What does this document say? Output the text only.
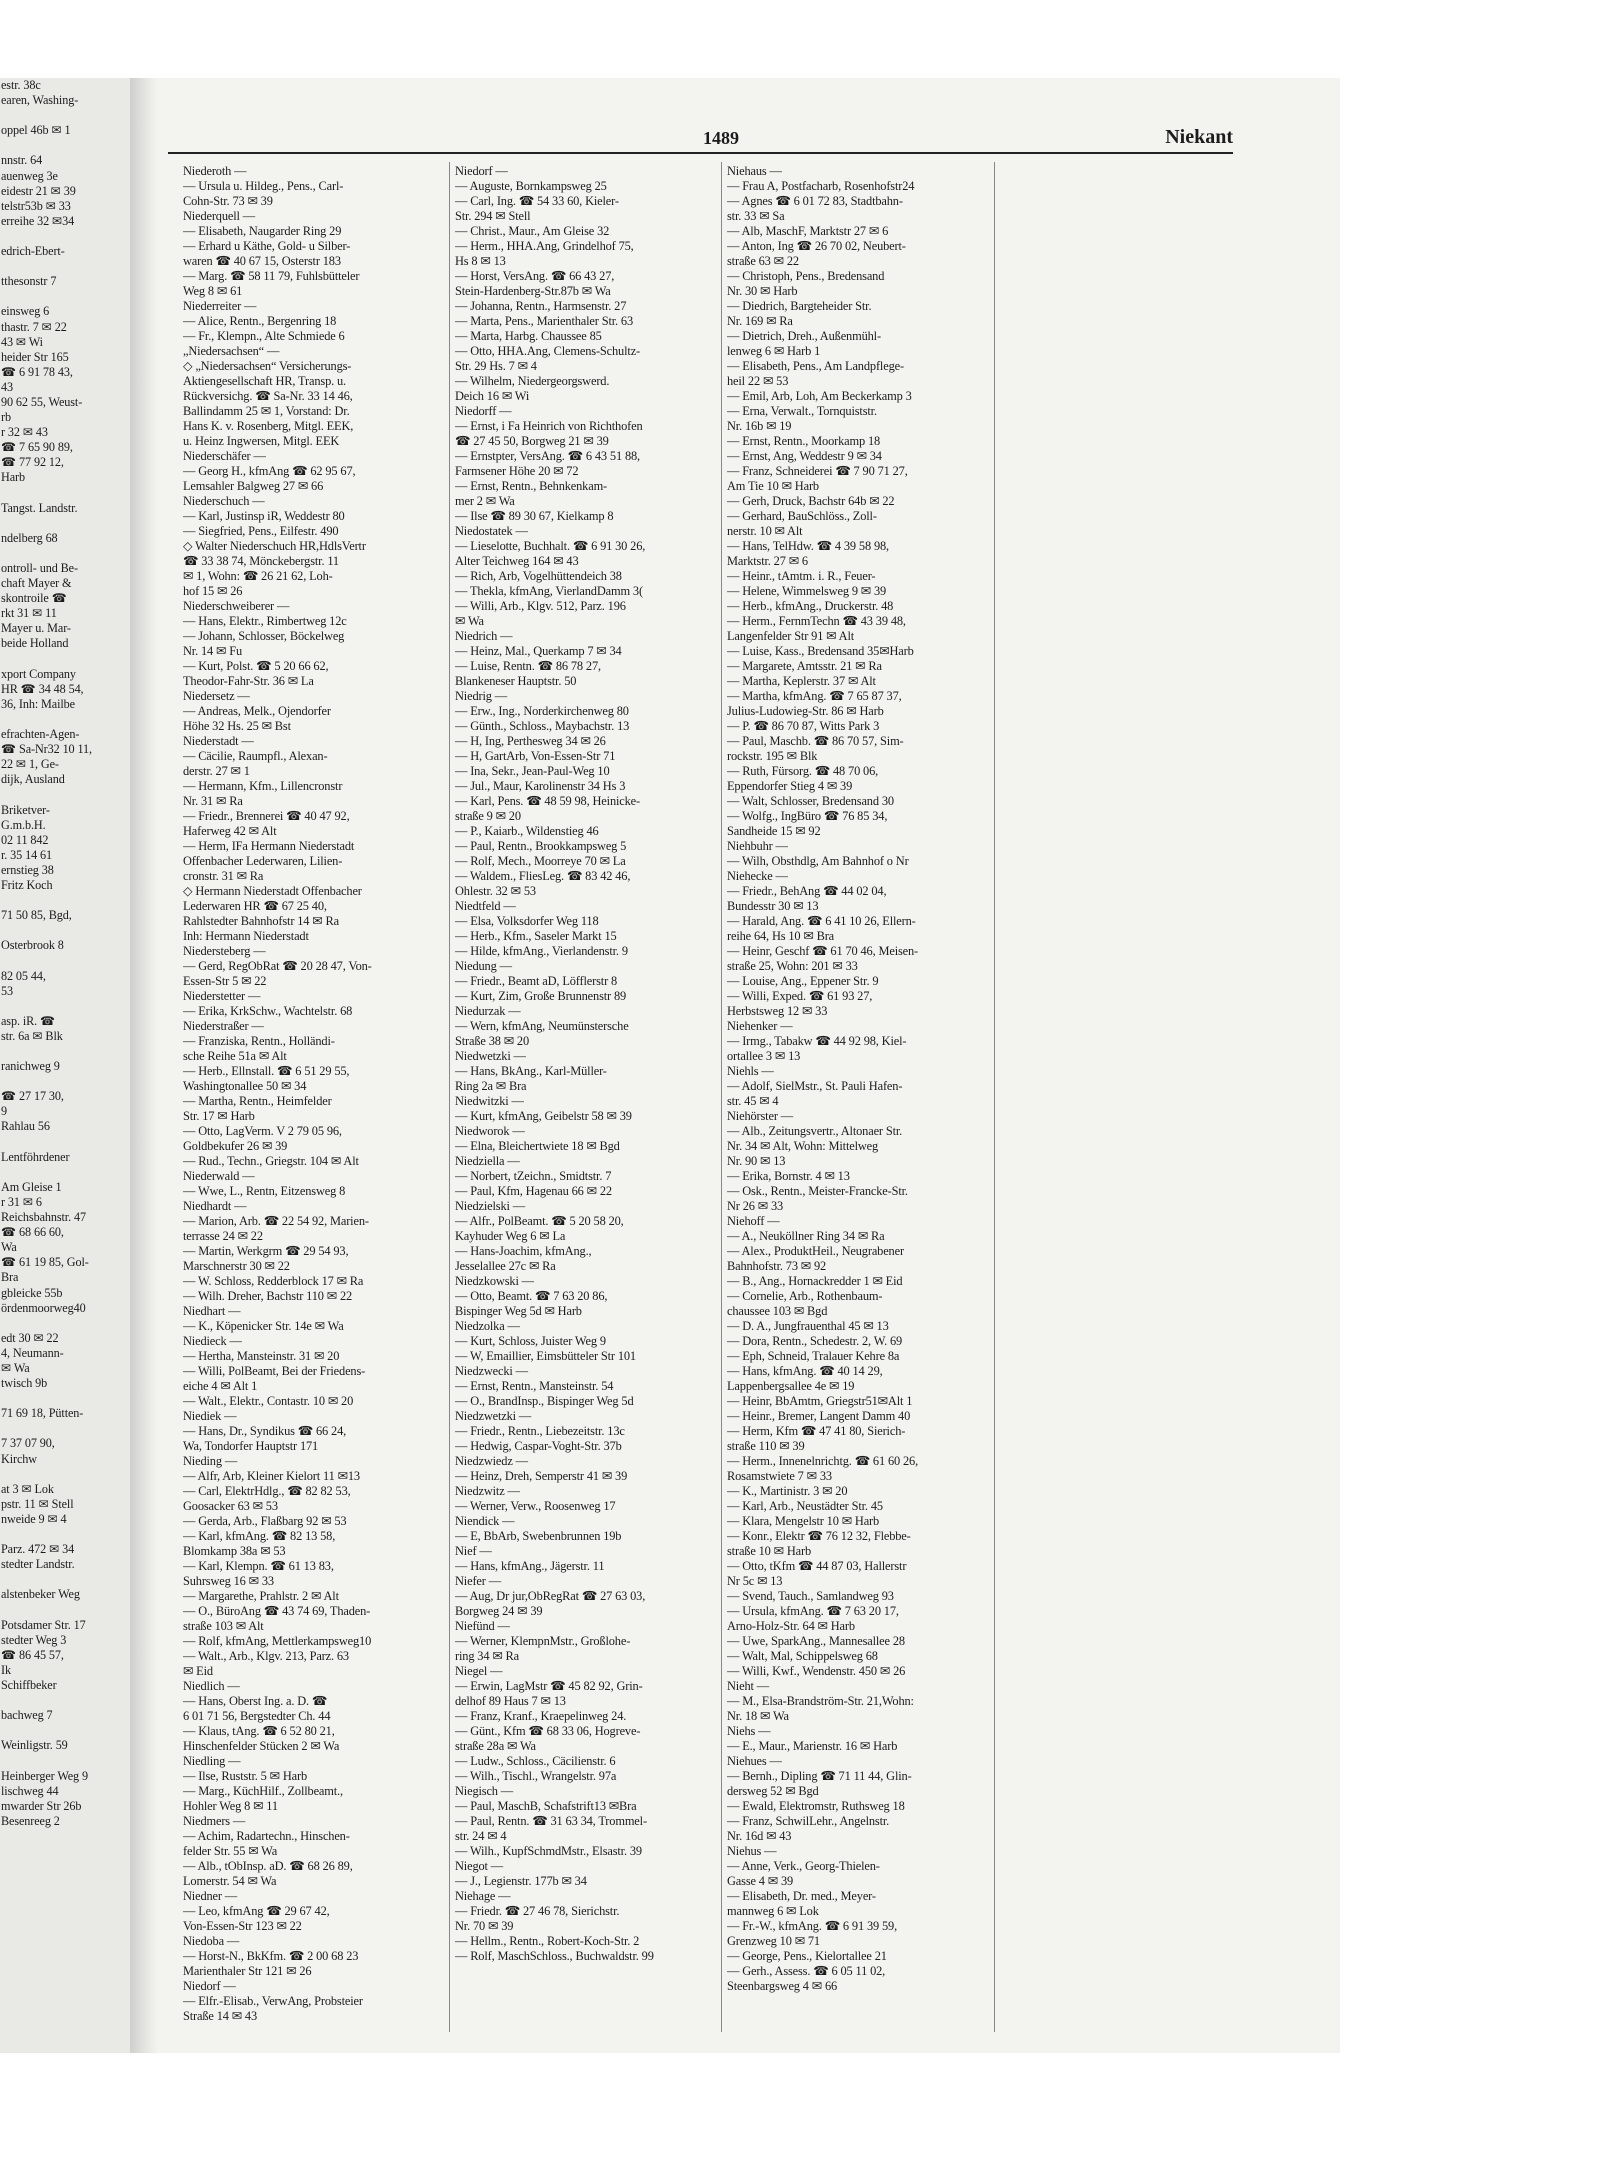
estr. 38c
earen, Washing-

oppel 46b ✉ 1

nnstr. 64
auenweg 3e
eidestr 21 ✉ 39
telstr53b ✉ 33
erreihe 32 ✉34

edrich-Ebert-

tthesonstr 7

einsweg 6
thastr. 7 ✉ 22
43 ✉ Wi
heider Str 165
☎ 6 91 78 43,
43
90 62 55, Weust-
rb
r 32 ✉ 43
☎ 7 65 90 89,
☎ 77 92 12,
Harb

Tangst. Landstr.

ndelberg 68

ontroll- und Be-
chaft Mayer &
skontroile ☎
rkt 31 ✉ 11
Mayer u. Mar-
beide Holland

xport Company
HR ☎ 34 48 54,
36, Inh: Mailbe

efrachten-Agen-
☎ Sa-Nr32 10 11,
22 ✉ 1, Ge-
dijk, Ausland

Briketver-
G.m.b.H.
02 11 842
r. 35 14 61
ernstieg 38
Fritz Koch

71 50 85, Bgd,

Osterbrook 8

82 05 44,
53

asp. iR. ☎
str. 6a ✉ Blk

ranichweg 9

☎ 27 17 30,
9
Rahlau 56

Lentföhrdener

Am Gleise 1
r 31 ✉ 6
Reichsbahnstr. 47
☎ 68 66 60,
Wa
☎ 61 19 85, Gol-
Bra
gbleicke 55b
ördenmoorweg40

edt 30 ✉ 22
4, Neumann-
✉ Wa
twisch 9b

71 69 18, Pütten-

7 37 07 90,
Kirchw

at 3 ✉ Lok
pstr. 11 ✉ Stell
nweide 9 ✉ 4

Parz. 472 ✉ 34
stedter Landstr.

alstenbeker Weg

Potsdamer Str. 17
stedter Weg 3
☎ 86 45 57,
Ik
Schiffbeker

bachweg 7

Weinligstr. 59

Heinberger Weg 9
lischweg 44
mwarder Str 26b
Besenreeg 2
1489	Niekant

Niederoth —

— Ursula u. Hildeg., Pens., Carl-

Cohn-Str. 73 ✉ 39

Niederquell —

— Elisabeth, Naugarder Ring 29

— Erhard u Käthe, Gold- u Silber-

waren ☎ 40 67 15, Osterstr 183

— Marg. ☎ 58 11 79, Fuhlsbütteler

Weg 8 ✉ 61

Niederreiter —

— Alice, Rentn., Bergenring 18

— Fr., Klempn., Alte Schmiede 6

„Niedersachsen“ —

◇ „Niedersachsen“ Versicherungs-

Aktiengesellschaft HR, Transp. u.

Rückversichg. ☎ Sa-Nr. 33 14 46,

Ballindamm 25 ✉ 1, Vorstand: Dr.

Hans K. v. Rosenberg, Mitgl. EEK,

u. Heinz Ingwersen, Mitgl. EEK

Niederschäfer —

— Georg H., kfmAng ☎ 62 95 67,

Lemsahler Balgweg 27 ✉ 66

Niederschuch —

— Karl, Justinsp iR, Weddestr 80

— Siegfried, Pens., Eilfestr. 490

◇ Walter Niederschuch HR,HdlsVertr

☎ 33 38 74, Mönckebergstr. 11

✉ 1, Wohn: ☎ 26 21 62, Loh-

hof 15 ✉ 26

Niederschweiberer —

— Hans, Elektr., Rimbertweg 12c

— Johann, Schlosser, Böckelweg

Nr. 14 ✉ Fu

— Kurt, Polst. ☎ 5 20 66 62,

Theodor-Fahr-Str. 36 ✉ La

Niedersetz —

— Andreas, Melk., Ojendorfer

Höhe 32 Hs. 25 ✉ Bst

Niederstadt —

— Cäcilie, Raumpfl., Alexan-

derstr. 27 ✉ 1

— Hermann, Kfm., Lillencronstr

Nr. 31 ✉ Ra

— Friedr., Brennerei ☎ 40 47 92,

Haferweg 42 ✉ Alt

— Herm, IFa Hermann Niederstadt

Offenbacher Lederwaren, Lilien-

cronstr. 31 ✉ Ra

◇ Hermann Niederstadt Offenbacher

Lederwaren HR ☎ 67 25 40,

Rahlstedter Bahnhofstr 14 ✉ Ra

Inh: Hermann Niederstadt

Niedersteberg —

— Gerd, RegObRat ☎ 20 28 47, Von-

Essen-Str 5 ✉ 22

Niederstetter —

— Erika, KrkSchw., Wachtelstr. 68

Niederstraßer —

— Franziska, Rentn., Holländi-

sche Reihe 51a ✉ Alt

— Herb., Ellnstall. ☎ 6 51 29 55,

Washingtonallee 50 ✉ 34

— Martha, Rentn., Heimfelder

Str. 17 ✉ Harb

— Otto, LagVerm. V 2 79 05 96,

Goldbekufer 26 ✉ 39

— Rud., Techn., Griegstr. 104 ✉ Alt

Niederwald —

— Wwe, L., Rentn, Eitzensweg 8

Niedhardt —

— Marion, Arb. ☎ 22 54 92, Marien-

terrasse 24 ✉ 22

— Martin, Werkgrm ☎ 29 54 93,

Marschnerstr 30 ✉ 22

— W. Schloss, Redderblock 17 ✉ Ra

— Wilh. Dreher, Bachstr 110 ✉ 22

Niedhart —

— K., Köpenicker Str. 14e ✉ Wa

Niedieck —

— Hertha, Mansteinstr. 31 ✉ 20

— Willi, PolBeamt, Bei der Friedens-

eiche 4 ✉ Alt 1

— Walt., Elektr., Contastr. 10 ✉ 20

Niediek —

— Hans, Dr., Syndikus ☎ 66 24,

Wa, Tondorfer Hauptstr 171

Nieding —

— Alfr, Arb, Kleiner Kielort 11 ✉13

— Carl, ElektrHdlg., ☎ 82 82 53,

Goosacker 63 ✉ 53

— Gerda, Arb., Flaßbarg 92 ✉ 53

— Karl, kfmAng. ☎ 82 13 58,

Blomkamp 38a ✉ 53

— Karl, Klempn. ☎ 61 13 83,

Suhrsweg 16 ✉ 33

— Margarethe, Prahlstr. 2 ✉ Alt

— O., BüroAng ☎ 43 74 69, Thaden-

straße 103 ✉ Alt

— Rolf, kfmAng, Mettlerkampsweg10

— Walt., Arb., Klgv. 213, Parz. 63

✉ Eid

Niedlich —

— Hans, Oberst Ing. a. D. ☎

6 01 71 56, Bergstedter Ch. 44

— Klaus, tAng. ☎ 6 52 80 21,

Hinschenfelder Stücken 2 ✉ Wa

Niedling —

— Ilse, Ruststr. 5 ✉ Harb

— Marg., KüchHilf., Zollbeamt.,

Hohler Weg 8 ✉ 11

Niedmers —

— Achim, Radartechn., Hinschen-

felder Str. 55 ✉ Wa

— Alb., tObInsp. aD. ☎ 68 26 89,

Lomerstr. 54 ✉ Wa

Niedner —

— Leo, kfmAng ☎ 29 67 42,

Von-Essen-Str 123 ✉ 22

Niedoba —

— Horst-N., BkKfm. ☎ 2 00 68 23

Marienthaler Str 121 ✉ 26

Niedorf —

— Elfr.-Elisab., VerwAng, Probsteier

Straße 14 ✉ 43

Niedorf —

— Auguste, Bornkampsweg 25

— Carl, Ing. ☎ 54 33 60, Kieler-

Str. 294 ✉ Stell

— Christ., Maur., Am Gleise 32

— Herm., HHA.Ang, Grindelhof 75,

Hs 8 ✉ 13

— Horst, VersAng. ☎ 66 43 27,

Stein-Hardenberg-Str.87b ✉ Wa

— Johanna, Rentn., Harmsenstr. 27

— Marta, Pens., Marienthaler Str. 63

— Marta, Harbg. Chaussee 85

— Otto, HHA.Ang, Clemens-Schultz-

Str. 29 Hs. 7 ✉ 4

— Wilhelm, Niedergeorgswerd.

Deich 16 ✉ Wi

Niedorff —

— Ernst, i Fa Heinrich von Richthofen

☎ 27 45 50, Borgweg 21 ✉ 39

— Ernstpter, VersAng. ☎ 6 43 51 88,

Farmsener Höhe 20 ✉ 72

— Ernst, Rentn., Behnkenkam-

mer 2 ✉ Wa

— Ilse ☎ 89 30 67, Kielkamp 8

Niedostatek —

— Lieselotte, Buchhalt. ☎ 6 91 30 26,

Alter Teichweg 164 ✉ 43

— Rich, Arb, Vogelhüttendeich 38

— Thekla, kfmAng, VierlandDamm 3(

— Willi, Arb., Klgv. 512, Parz. 196

✉ Wa

Niedrich —

— Heinz, Mal., Querkamp 7 ✉ 34

— Luise, Rentn. ☎ 86 78 27,

Blankeneser Hauptstr. 50

Niedrig —

— Erw., Ing., Norderkirchenweg 80

— Günth., Schloss., Maybachstr. 13

— H, Ing, Perthesweg 34 ✉ 26

— H, GartArb, Von-Essen-Str 71

— Ina, Sekr., Jean-Paul-Weg 10

— Jul., Maur, Karolinenstr 34 Hs 3

— Karl, Pens. ☎ 48 59 98, Heinicke-

straße 9 ✉ 20

— P., Kaiarb., Wildenstieg 46

— Paul, Rentn., Brookkampsweg 5

— Rolf, Mech., Moorreye 70 ✉ La

— Waldem., FliesLeg. ☎ 83 42 46,

Ohlestr. 32 ✉ 53

Niedtfeld —

— Elsa, Volksdorfer Weg 118

— Herb., Kfm., Saseler Markt 15

— Hilde, kfmAng., Vierlandenstr. 9

Niedung —

— Friedr., Beamt aD, Löfflerstr 8

— Kurt, Zim, Große Brunnenstr 89

Niedurzak —

— Wern, kfmAng, Neumünstersche

Straße 38 ✉ 20

Niedwetzki —

— Hans, BkAng., Karl-Müller-

Ring 2a ✉ Bra

Niedwitzki —

— Kurt, kfmAng, Geibelstr 58 ✉ 39

Niedworok —

— Elna, Bleichertwiete 18 ✉ Bgd

Niedziella —

— Norbert, tZeichn., Smidtstr. 7

— Paul, Kfm, Hagenau 66 ✉ 22

Niedzielski —

— Alfr., PolBeamt. ☎ 5 20 58 20,

Kayhuder Weg 6 ✉ La

— Hans-Joachim, kfmAng.,

Jesselallee 27c ✉ Ra

Niedzkowski —

— Otto, Beamt. ☎ 7 63 20 86,

Bispinger Weg 5d ✉ Harb

Niedzolka —

— Kurt, Schloss, Juister Weg 9

— W, Emaillier, Eimsbütteler Str 101

Niedzwecki —

— Ernst, Rentn., Mansteinstr. 54

— O., BrandInsp., Bispinger Weg 5d

Niedzwetzki —

— Friedr., Rentn., Liebezeitstr. 13c

— Hedwig, Caspar-Voght-Str. 37b

Niedzwiedz —

— Heinz, Dreh, Semperstr 41 ✉ 39

Niedzwitz —

— Werner, Verw., Roosenweg 17

Niendick —

— E, BbArb, Swebenbrunnen 19b

Nief —

— Hans, kfmAng., Jägerstr. 11

Niefer —

— Aug, Dr jur,ObRegRat ☎ 27 63 03,

Borgweg 24 ✉ 39

Niefünd —

— Werner, KlempnMstr., Großlohe-

ring 34 ✉ Ra

Niegel —

— Erwin, LagMstr ☎ 45 82 92, Grin-

delhof 89 Haus 7 ✉ 13

— Franz, Kranf., Kraepelinweg 24.

— Günt., Kfm ☎ 68 33 06, Hogreve-

straße 28a ✉ Wa

— Ludw., Schloss., Cäcilienstr. 6

— Wilh., Tischl., Wrangelstr. 97a

Niegisch —

— Paul, MaschB, Schafstrift13 ✉Bra

— Paul, Rentn. ☎ 31 63 34, Trommel-

str. 24 ✉ 4

— Wilh., KupfSchmdMstr., Elsastr. 39

Niegot —

— J., Legienstr. 177b ✉ 34

Niehage —

— Friedr. ☎ 27 46 78, Sierichstr.

Nr. 70 ✉ 39

— Hellm., Rentn., Robert-Koch-Str. 2

— Rolf, MaschSchloss., Buchwaldstr. 99

Niehaus —

— Frau A, Postfacharb, Rosenhofstr24

— Agnes ☎ 6 01 72 83, Stadtbahn-

str. 33 ✉ Sa

— Alb, MaschF, Marktstr 27 ✉ 6

— Anton, Ing ☎ 26 70 02, Neubert-

straße 63 ✉ 22

— Christoph, Pens., Bredensand

Nr. 30 ✉ Harb

— Diedrich, Bargteheider Str.

Nr. 169 ✉ Ra

— Dietrich, Dreh., Außenmühl-

lenweg 6 ✉ Harb 1

— Elisabeth, Pens., Am Landpflege-

heil 22 ✉ 53

— Emil, Arb, Loh, Am Beckerkamp 3

— Erna, Verwalt., Tornquiststr.

Nr. 16b ✉ 19

— Ernst, Rentn., Moorkamp 18

— Ernst, Ang, Weddestr 9 ✉ 34

— Franz, Schneiderei ☎ 7 90 71 27,

Am Tie 10 ✉ Harb

— Gerh, Druck, Bachstr 64b ✉ 22

— Gerhard, BauSchlöss., Zoll-

nerstr. 10 ✉ Alt

— Hans, TelHdw. ☎ 4 39 58 98,

Marktstr. 27 ✉ 6

— Heinr., tAmtm. i. R., Feuer-

— Helene, Wimmelsweg 9 ✉ 39

— Herb., kfmAng., Druckerstr. 48

— Herm., FernmTechn ☎ 43 39 48,

Langenfelder Str 91 ✉ Alt

— Luise, Kass., Bredensand 35✉Harb

— Margarete, Amtsstr. 21 ✉ Ra

— Martha, Keplerstr. 37 ✉ Alt

— Martha, kfmAng. ☎ 7 65 87 37,

Julius-Ludowieg-Str. 86 ✉ Harb

— P. ☎ 86 70 87, Witts Park 3

— Paul, Maschb. ☎ 86 70 57, Sim-

rockstr. 195 ✉ Blk

— Ruth, Fürsorg. ☎ 48 70 06,

Eppendorfer Stieg 4 ✉ 39

— Walt, Schlosser, Bredensand 30

— Wolfg., IngBüro ☎ 76 85 34,

Sandheide 15 ✉ 92

Niehbuhr —

— Wilh, Obsthdlg, Am Bahnhof o Nr

Niehecke —

— Friedr., BehAng ☎ 44 02 04,

Bundesstr 30 ✉ 13

— Harald, Ang. ☎ 6 41 10 26, Ellern-

reihe 64, Hs 10 ✉ Bra

— Heinr, Geschf ☎ 61 70 46, Meisen-

straße 25, Wohn: 201 ✉ 33

— Louise, Ang., Eppener Str. 9

— Willi, Exped. ☎ 61 93 27,

Herbstsweg 12 ✉ 33

Niehenker —

— Irmg., Tabakw ☎ 44 92 98, Kiel-

ortallee 3 ✉ 13

Niehls —

— Adolf, SielMstr., St. Pauli Hafen-

str. 45 ✉ 4

Niehörster —

— Alb., Zeitungsvertr., Altonaer Str.

Nr. 34 ✉ Alt, Wohn: Mittelweg

Nr. 90 ✉ 13

— Erika, Bornstr. 4 ✉ 13

— Osk., Rentn., Meister-Francke-Str.

Nr 26 ✉ 33

Niehoff —

— A., Neuköllner Ring 34 ✉ Ra

— Alex., ProduktHeil., Neugrabener

Bahnhofstr. 73 ✉ 92

— B., Ang., Hornackredder 1 ✉ Eid

— Cornelie, Arb., Rothenbaum-

chaussee 103 ✉ Bgd

— D. A., Jungfrauenthal 45 ✉ 13

— Dora, Rentn., Schedestr. 2, W. 69

— Eph, Schneid, Tralauer Kehre 8a

— Hans, kfmAng. ☎ 40 14 29,

Lappenbergsallee 4e ✉ 19

— Heinr, BbAmtm, Griegstr51✉Alt 1

— Heinr., Bremer, Langent Damm 40

— Herm, Kfm ☎ 47 41 80, Sierich-

straße 110 ✉ 39

— Herm., Innenelnrichtg. ☎ 61 60 26,

Rosamstwiete 7 ✉ 33

— K., Martinistr. 3 ✉ 20

— Karl, Arb., Neustädter Str. 45

— Klara, Mengelstr 10 ✉ Harb

— Konr., Elektr ☎ 76 12 32, Flebbe-

straße 10 ✉ Harb

— Otto, tKfm ☎ 44 87 03, Hallerstr

Nr 5c ✉ 13

— Svend, Tauch., Samlandweg 93

— Ursula, kfmAng. ☎ 7 63 20 17,

Arno-Holz-Str. 64 ✉ Harb

— Uwe, SparkAng., Mannesallee 28

— Walt, Mal, Schippelsweg 68

— Willi, Kwf., Wendenstr. 450 ✉ 26

Nieht —

— M., Elsa-Brandström-Str. 21,Wohn:

Nr. 18 ✉ Wa

Niehs —

— E., Maur., Marienstr. 16 ✉ Harb

Niehues —

— Bernh., Dipling ☎ 71 11 44, Glin-

dersweg 52 ✉ Bgd

— Ewald, Elektromstr, Ruthsweg 18

— Franz, SchwilLehr., Angelnstr.

Nr. 16d ✉ 43

Niehus —

— Anne, Verk., Georg-Thielen-

Gasse 4 ✉ 39

— Elisabeth, Dr. med., Meyer-

mannweg 6 ✉ Lok

— Fr.-W., kfmAng. ☎ 6 91 39 59,

Grenzweg 10 ✉ 71

— George, Pens., Kielortallee 21

— Gerh., Assess. ☎ 6 05 11 02,

Steenbargsweg 4 ✉ 66
